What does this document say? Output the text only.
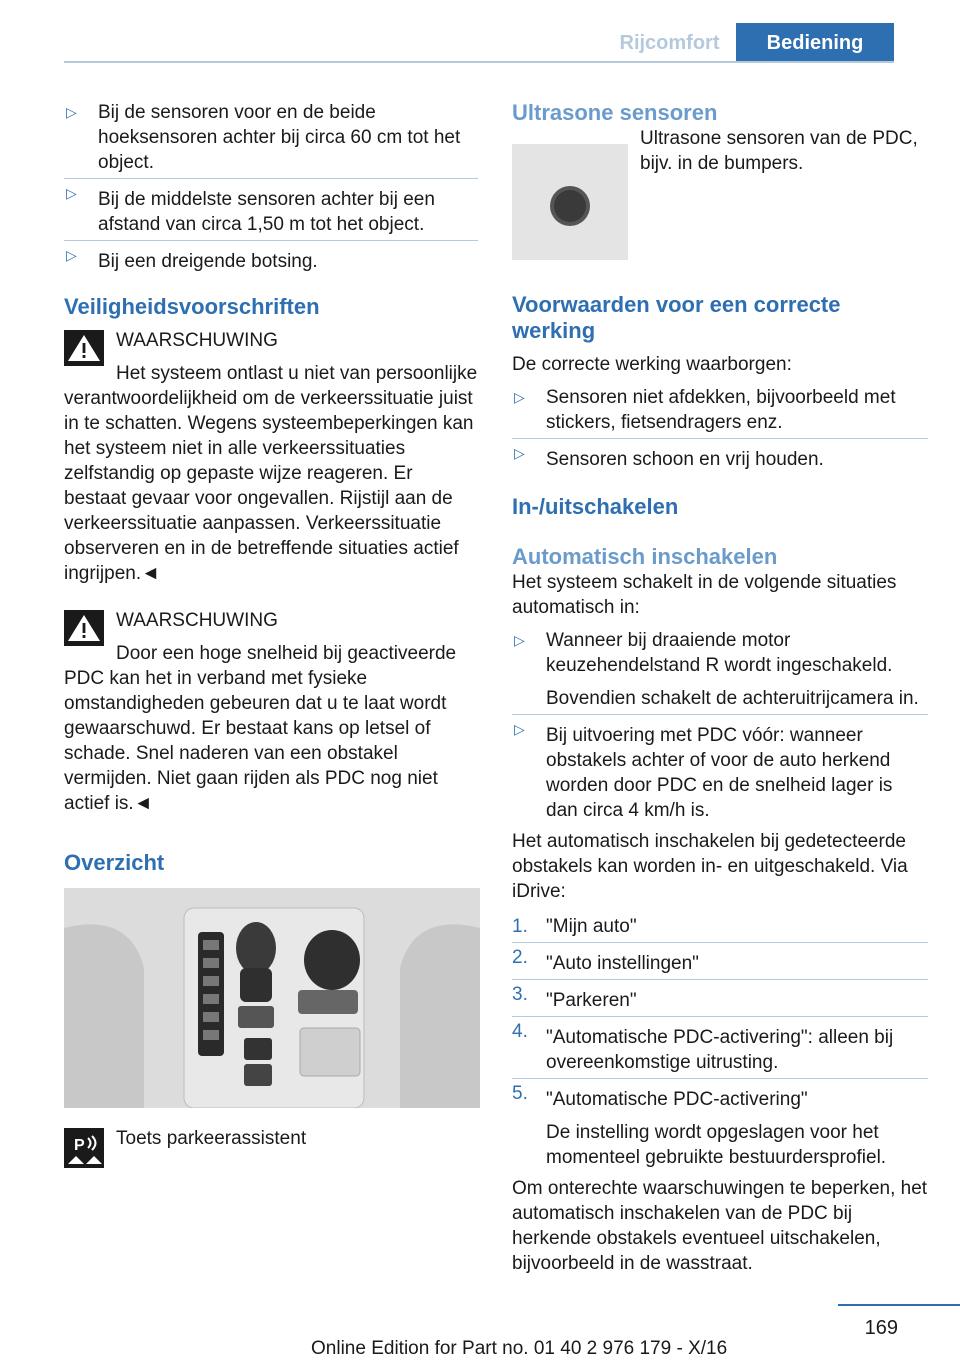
Rijcomfort	Bediening
▷ Bij de sensoren voor en de beide hoeksensoren achter bij circa 60 cm tot het object.
▷ Bij de middelste sensoren achter bij een afstand van circa 1,50 m tot het object.
▷ Bij een dreigende botsing.
Veiligheidsvoorschriften
WAARSCHUWING

Het systeem ontlast u niet van persoonlijke verantwoordelijkheid om de verkeerssituatie juist in te schatten. Wegens systeembeperkingen kan het systeem niet in alle verkeerssituaties zelfstandig op gepaste wijze reageren. Er bestaat gevaar voor ongevallen. Rijstijl aan de verkeerssituatie aanpassen. Verkeerssituatie observeren en in de betreffende situaties actief ingrijpen.◄

WAARSCHUWING

Door een hoge snelheid bij geactiveerde PDC kan het in verband met fysieke omstandigheden gebeuren dat u te laat wordt gewaarschuwd. Er bestaat kans op letsel of schade. Snel naderen van een obstakel vermijden. Niet gaan rijden als PDC nog niet actief is.◄

Overzicht
P Toets parkeerassistent
Ultrasone sensoren

Ultrasone sensoren van de PDC, bijv. in de bumpers.

Voorwaarden voor een correcte werking

De correcte werking waarborgen:

▷ Sensoren niet afdekken, bijvoorbeeld met stickers, fietsendragers enz.
▷ Sensoren schoon en vrij houden.
In-/uitschakelen
Automatisch inschakelen

Het systeem schakelt in de volgende situaties automatisch in:

▷ Wanneer bij draaiende motor keuzehendelstand R wordt ingeschakeld.

Bovendien schakelt de achteruitrijcamera in.

▷ Bij uitvoering met PDC vóór: wanneer obstakels achter of voor de auto herkend worden door PDC en de snelheid lager is dan circa 4 km/h is.

Het automatisch inschakelen bij gedetecteerde obstakels kan worden in- en uitgeschakeld. Via iDrive:

1. "Mijn auto"
2. "Auto instellingen"
3. "Parkeren"
4. "Automatische PDC-activering": alleen bij overeenkomstige uitrusting.
5. "Automatische PDC-activering"

De instelling wordt opgeslagen voor het momenteel gebruikte bestuurdersprofiel.

Om onterechte waarschuwingen te beperken, het automatisch inschakelen van de PDC bij herkende obstakels eventueel uitschakelen, bijvoorbeeld in de wasstraat.

169
Online Edition for Part no. 01 40 2 976 179 - X/16
